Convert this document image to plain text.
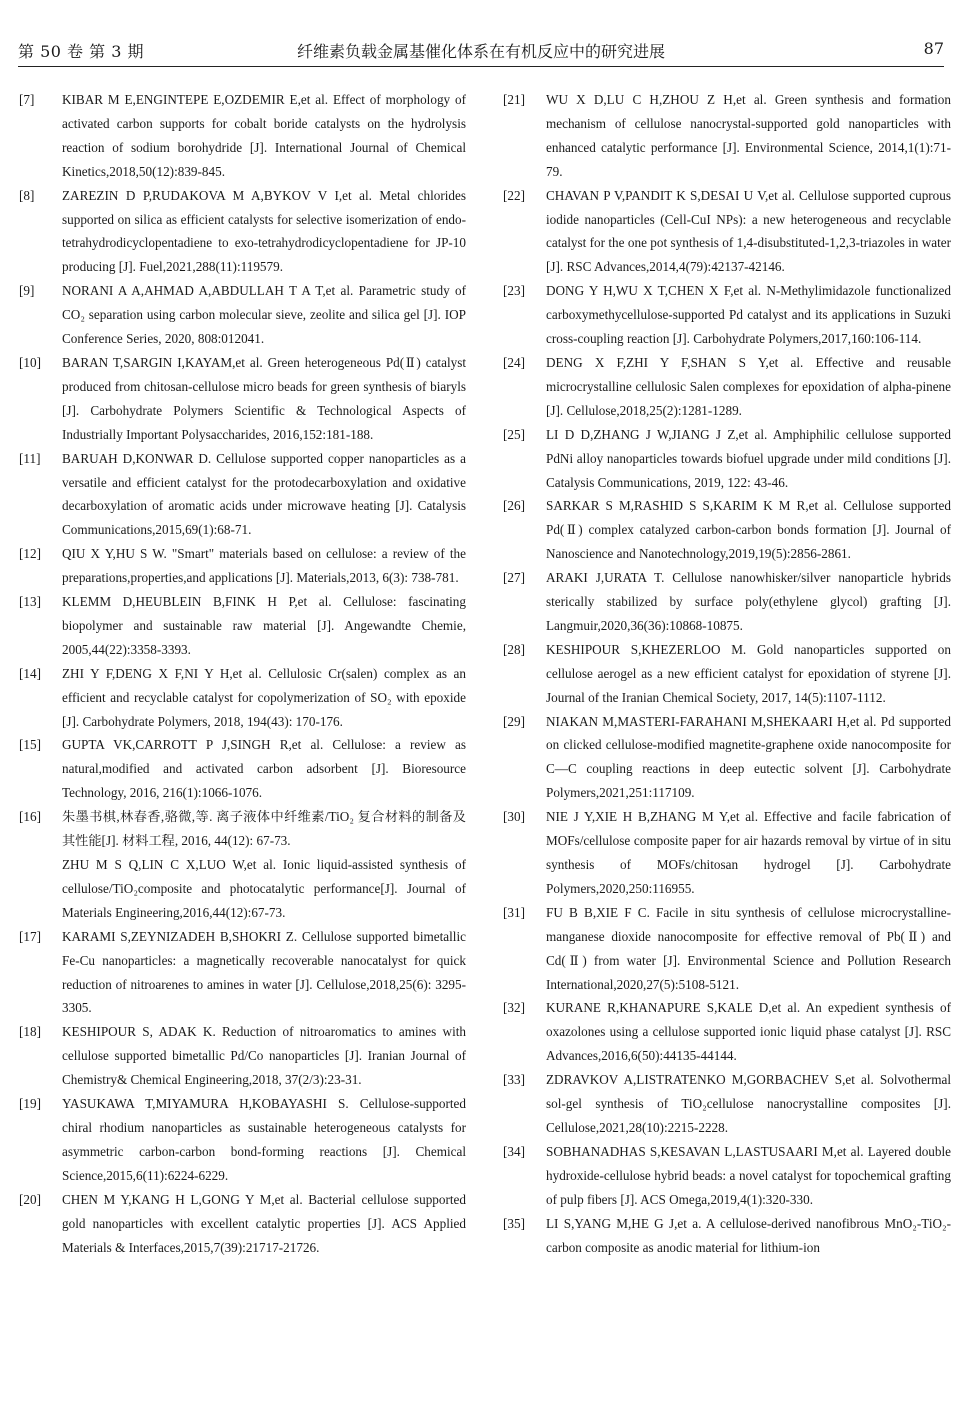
第 50 卷 第 3 期	纤维素负载金属基催化体系在有机反应中的研究进展	87
[7]	KIBAR M E,ENGINTEPE E,OZDEMIR E,et al. Effect of morphology of activated carbon supports for cobalt boride catalysts on the hydrolysis reaction of sodium borohydride [J]. International Journal of Chemical Kinetics,2018,50(12):839-845.
[8]	ZAREZIN D P,RUDAKOVA M A,BYKOV V I,et al. Metal chlorides supported on silica as efficient catalysts for selective isomerization of endo-tetrahydrodicyclopentadiene to exo-tetrahydrodicyclopentadiene for JP-10 producing [J]. Fuel,2021,288(11):119579.
[9]	NORANI A A,AHMAD A,ABDULLAH T A T,et al. Parametric study of CO₂ separation using carbon molecular sieve, zeolite and silica gel [J]. IOP Conference Series, 2020, 808:012041.
[10]	BARAN T,SARGIN I,KAYAM,et al. Green heterogeneous Pd(Ⅱ) catalyst produced from chitosan-cellulose micro beads for green synthesis of biaryls [J]. Carbohydrate Polymers Scientific & Technological Aspects of Industrially Important Polysaccharides, 2016,152:181-188.
[11]	BARUAH D,KONWAR D. Cellulose supported copper nanoparticles as a versatile and efficient catalyst for the protodecarboxylation and oxidative decarboxylation of aromatic acids under microwave heating [J]. Catalysis Communications,2015,69(1):68-71.
[12]	QIU X Y,HU S W. "Smart" materials based on cellulose: a review of the preparations,properties,and applications [J]. Materials,2013, 6(3): 738-781.
[13]	KLEMM D,HEUBLEIN B,FINK H P,et al. Cellulose: fascinating biopolymer and sustainable raw material [J]. Angewandte Chemie, 2005,44(22):3358-3393.
[14]	ZHI Y F,DENG X F,NI Y H,et al. Cellulosic Cr(salen) complex as an efficient and recyclable catalyst for copolymerization of SO₂ with epoxide [J]. Carbohydrate Polymers, 2018, 194(43): 170-176.
[15]	GUPTA VK,CARROTT P J,SINGH R,et al. Cellulose: a review as natural,modified and activated carbon adsorbent [J]. Bioresource Technology, 2016, 216(1):1066-1076.
[16]	朱墨书棋,林春香,骆微,等. 离子液体中纤维素/TiO₂ 复合材料的制备及其性能[J]. 材料工程, 2016, 44(12): 67-73.
ZHU M S Q,LIN C X,LUO W,et al. Ionic liquid-assisted synthesis of cellulose/TiO₂composite and photocatalytic performance[J]. Journal of Materials Engineering,2016,44(12):67-73.
[17]	KARAMI S,ZEYNIZADEH B,SHOKRI Z. Cellulose supported bimetallic Fe-Cu nanoparticles: a magnetically recoverable nanocatalyst for quick reduction of nitroarenes to amines in water [J]. Cellulose,2018,25(6): 3295-3305.
[18]	KESHIPOUR S, ADAK K. Reduction of nitroaromatics to amines with cellulose supported bimetallic Pd/Co nanoparticles [J]. Iranian Journal of Chemistry& Chemical Engineering,2018, 37(2/3):23-31.
[19]	YASUKAWA T,MIYAMURA H,KOBAYASHI S. Cellulose-supported chiral rhodium nanoparticles as sustainable heterogeneous catalysts for asymmetric carbon-carbon bond-forming reactions [J]. Chemical Science,2015,6(11):6224-6229.
[20]	CHEN M Y,KANG H L,GONG Y M,et al. Bacterial cellulose supported gold nanoparticles with excellent catalytic properties [J]. ACS Applied Materials & Interfaces,2015,7(39):21717-21726.
[21]	WU X D,LU C H,ZHOU Z H,et al. Green synthesis and formation mechanism of cellulose nanocrystal-supported gold nanoparticles with enhanced catalytic performance [J]. Environmental Science, 2014,1(1):71-79.
[22]	CHAVAN P V,PANDIT K S,DESAI U V,et al. Cellulose supported cuprous iodide nanoparticles (Cell-CuI NPs): a new heterogeneous and recyclable catalyst for the one pot synthesis of 1,4-disubstituted-1,2,3-triazoles in water [J]. RSC Advances,2014,4(79):42137-42146.
[23]	DONG Y H,WU X T,CHEN X F,et al. N-Methylimidazole functionalized carboxymethycellulose-supported Pd catalyst and its applications in Suzuki cross-coupling reaction [J]. Carbohydrate Polymers,2017,160:106-114.
[24]	DENG X F,ZHI Y F,SHAN S Y,et al. Effective and reusable microcrystalline cellulosic Salen complexes for epoxidation of alpha-pinene [J]. Cellulose,2018,25(2):1281-1289.
[25]	LI D D,ZHANG J W,JIANG J Z,et al. Amphiphilic cellulose supported PdNi alloy nanoparticles towards biofuel upgrade under mild conditions [J]. Catalysis Communications, 2019, 122: 43-46.
[26]	SARKAR S M,RASHID S S,KARIM K M R,et al. Cellulose supported Pd(Ⅱ) complex catalyzed carbon-carbon bonds formation [J]. Journal of Nanoscience and Nanotechnology,2019,19(5):2856-2861.
[27]	ARAKI J,URATA T. Cellulose nanowhisker/silver nanoparticle hybrids sterically stabilized by surface poly(ethylene glycol) grafting [J]. Langmuir,2020,36(36):10868-10875.
[28]	KESHIPOUR S,KHEZERLOO M. Gold nanoparticles supported on cellulose aerogel as a new efficient catalyst for epoxidation of styrene [J]. Journal of the Iranian Chemical Society, 2017, 14(5):1107-1112.
[29]	NIAKAN M,MASTERI-FARAHANI M,SHEKAARI H,et al. Pd supported on clicked cellulose-modified magnetite-graphene oxide nanocomposite for C—C coupling reactions in deep eutectic solvent [J]. Carbohydrate Polymers,2021,251:117109.
[30]	NIE J Y,XIE H B,ZHANG M Y,et al. Effective and facile fabrication of MOFs/cellulose composite paper for air hazards removal by virtue of in situ synthesis of MOFs/chitosan hydrogel [J]. Carbohydrate Polymers,2020,250:116955.
[31]	FU B B,XIE F C. Facile in situ synthesis of cellulose microcrystalline-manganese dioxide nanocomposite for effective removal of Pb(Ⅱ) and Cd(Ⅱ) from water [J]. Environmental Science and Pollution Research International,2020,27(5):5108-5121.
[32]	KURANE R,KHANAPURE S,KALE D,et al. An expedient synthesis of oxazolones using a cellulose supported ionic liquid phase catalyst [J]. RSC Advances,2016,6(50):44135-44144.
[33]	ZDRAVKOV A,LISTRATENKO M,GORBACHEV S,et al. Solvothermal sol-gel synthesis of TiO₂cellulose nanocrystalline composites [J]. Cellulose,2021,28(10):2215-2228.
[34]	SOBHANADHAS S,KESAVAN L,LASTUSAARI M,et al. Layered double hydroxide-cellulose hybrid beads: a novel catalyst for topochemical grafting of pulp fibers [J]. ACS Omega,2019,4(1):320-330.
[35]	LI S,YANG M,HE G J,et a. A cellulose-derived nanofibrous MnO₂-TiO₂-carbon composite as anodic material for lithium-ion
